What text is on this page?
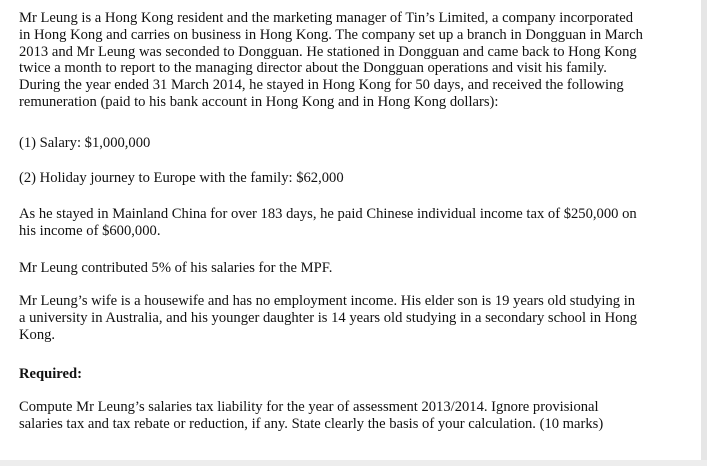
Mr Leung is a Hong Kong resident and the marketing manager of Tin’s Limited, a company incorporated
in Hong Kong and carries on business in Hong Kong. The company set up a branch in Dongguan in March
2013 and Mr Leung was seconded to Dongguan. He stationed in Dongguan and came back to Hong Kong
twice a month to report to the managing director about the Dongguan operations and visit his family.
During the year ended 31 March 2014, he stayed in Hong Kong for 50 days, and received the following
remuneration (paid to his bank account in Hong Kong and in Hong Kong dollars):
(1) Salary: $1,000,000
(2) Holiday journey to Europe with the family: $62,000
As he stayed in Mainland China for over 183 days, he paid Chinese individual income tax of $250,000 on
his income of $600,000.
Mr Leung contributed 5% of his salaries for the MPF.
Mr Leung’s wife is a housewife and has no employment income. His elder son is 19 years old studying in
a university in Australia, and his younger daughter is 14 years old studying in a secondary school in Hong
Kong.
Required:
Compute Mr Leung’s salaries tax liability for the year of assessment 2013/2014. Ignore provisional
salaries tax and tax rebate or reduction, if any. State clearly the basis of your calculation. (10 marks)
